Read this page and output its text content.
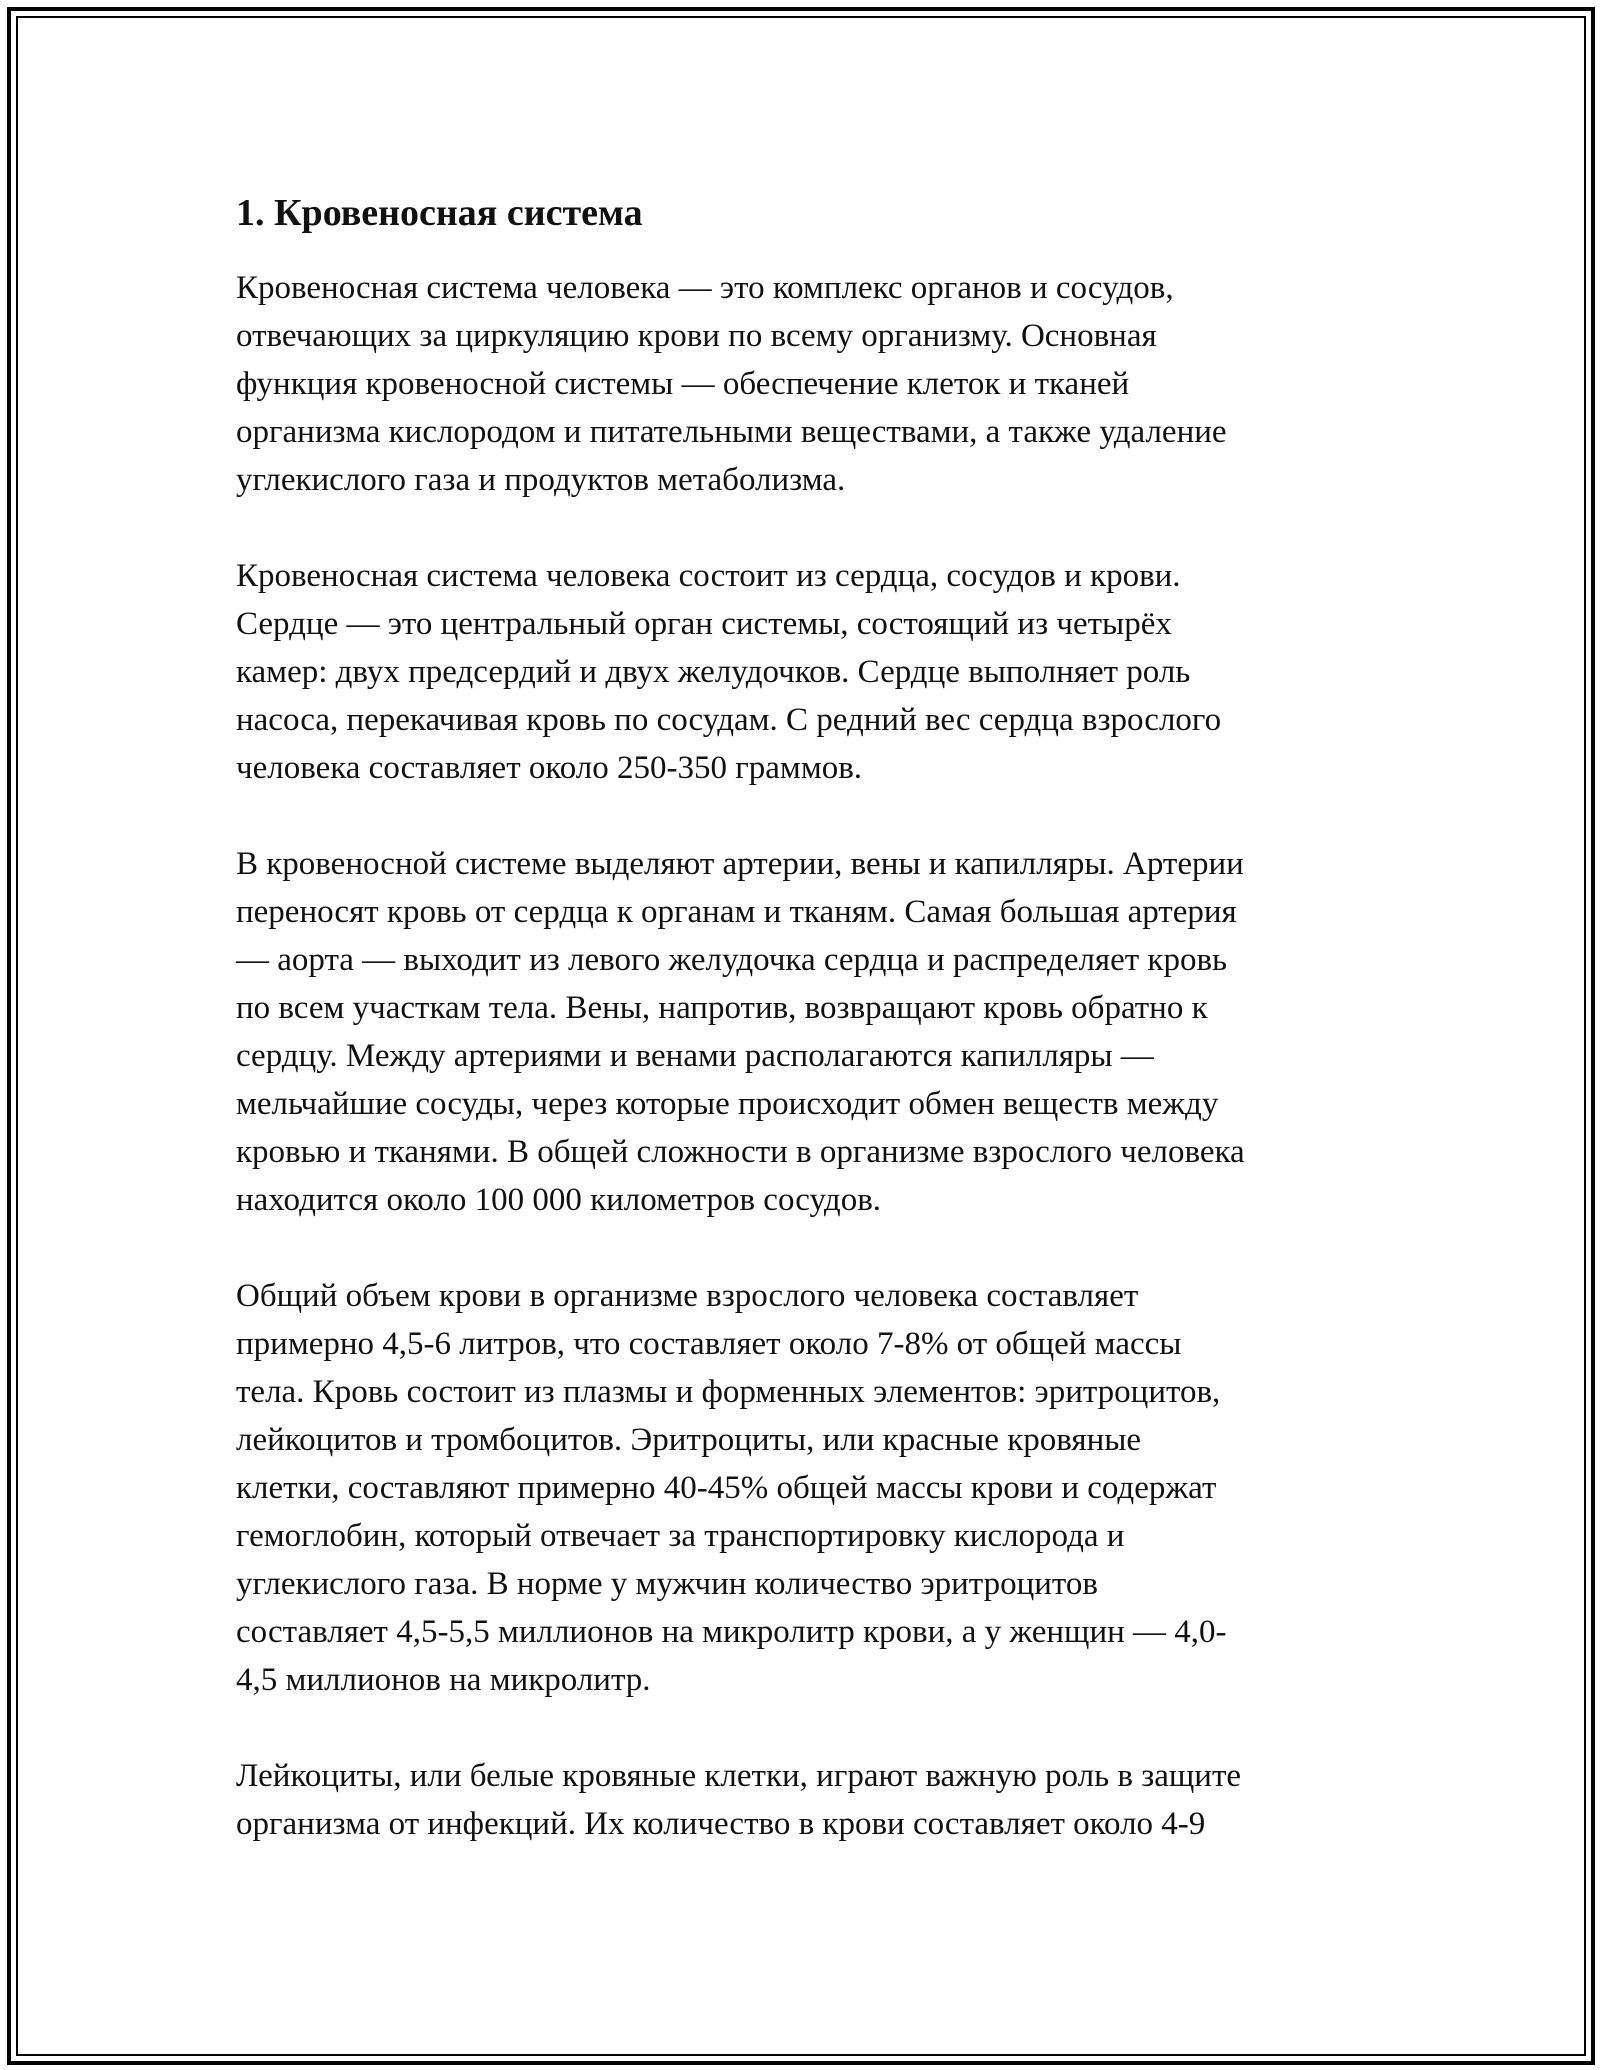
1. Кровеносная система

Кровеносная система человека — это комплекс органов и сосудов,
отвечающих за циркуляцию крови по всему организму. Основная
функция кровеносной системы — обеспечение клеток и тканей
организма кислородом и питательными веществами, а также удаление
углекислого газа и продуктов метаболизма.

Кровеносная система человека состоит из сердца, сосудов и крови.
Сердце — это центральный орган системы, состоящий из четырёх
камер: двух предсердий и двух желудочков. Сердце выполняет роль
насоса, перекачивая кровь по сосудам. С редний вес сердца взрослого
человека составляет около 250-350 граммов.

В кровеносной системе выделяют артерии, вены и капилляры. Артерии
переносят кровь от сердца к органам и тканям. Самая большая артерия
— аорта — выходит из левого желудочка сердца и распределяет кровь
по всем участкам тела. Вены, напротив, возвращают кровь обратно к
сердцу. Между артериями и венами располагаются капилляры —
мельчайшие сосуды, через которые происходит обмен веществ между
кровью и тканями. В общей сложности в организме взрослого человека
находится около 100 000 километров сосудов.

Общий объем крови в организме взрослого человека составляет
примерно 4,5-6 литров, что составляет около 7-8% от общей массы
тела. Кровь состоит из плазмы и форменных элементов: эритроцитов,
лейкоцитов и тромбоцитов. Эритроциты, или красные кровяные
клетки, составляют примерно 40-45% общей массы крови и содержат
гемоглобин, который отвечает за транспортировку кислорода и
углекислого газа. В норме у мужчин количество эритроцитов
составляет 4,5-5,5 миллионов на микролитр крови, а у женщин — 4,0-
4,5 миллионов на микролитр.

Лейкоциты, или белые кровяные клетки, играют важную роль в защите
организма от инфекций. Их количество в крови составляет около 4-9
